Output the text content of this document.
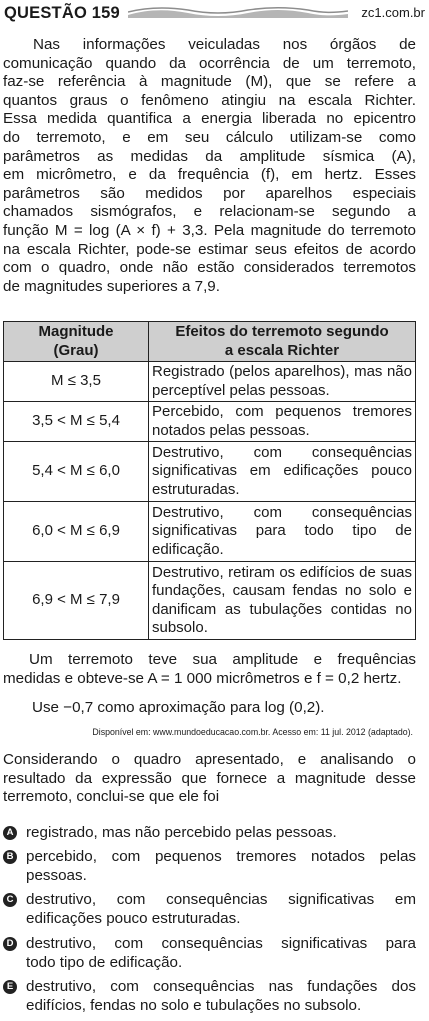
QUESTÃO 159	zc1.com.br
Nas informações veiculadas nos órgãos de
comunicação quando da ocorrência de um terremoto,
faz-se referência à magnitude (M), que se refere a
quantos graus o fenômeno atingiu na escala Richter.
Essa medida quantifica a energia liberada no epicentro
do terremoto, e em seu cálculo utilizam-se como
parâmetros as medidas da amplitude sísmica (A),
em micrômetro, e da frequência (f), em hertz. Esses
parâmetros são medidos por aparelhos especiais
chamados sismógrafos, e relacionam-se segundo a
função M = log (A × f) + 3,3. Pela magnitude do terremoto
na escala Richter, pode-se estimar seus efeitos de acordo
com o quadro, onde não estão considerados terremotos
de magnitudes superiores a 7,9.
Magnitude
(Grau)	Efeitos do terremoto segundo
a escala Richter

M ≤ 3,5	Registrado (pelos aparelhos), mas não
perceptível pelas pessoas.

3,5 < M ≤ 5,4	Percebido, com pequenos tremores
notados pelas pessoas.

5,4 < M ≤ 6,0	Destrutivo, com consequências
significativas em edificações pouco
estruturadas.

6,0 < M ≤ 6,9	Destrutivo, com consequências
significativas para todo tipo de
edificação.

6,9 < M ≤ 7,9	Destrutivo, retiram os edifícios de suas
fundações, causam fendas no solo e
danificam as tubulações contidas no
subsolo.
Um terremoto teve sua amplitude e frequências
medidas e obteve-se A = 1 000 micrômetros e f = 0,2 hertz.
Use −0,7 como aproximação para log (0,2).
Disponível em: www.mundoeducacao.com.br. Acesso em: 11 jul. 2012 (adaptado).
Considerando o quadro apresentado, e analisando o
resultado da expressão que fornece a magnitude desse
terremoto, conclui-se que ele foi
A registrado, mas não percebido pelas pessoas.
B percebido, com pequenos tremores notados pelas
pessoas.
C destrutivo, com consequências significativas em
edificações pouco estruturadas.
D destrutivo, com consequências significativas para
todo tipo de edificação.
E destrutivo, com consequências nas fundações dos
edifícios, fendas no solo e tubulações no subsolo.
